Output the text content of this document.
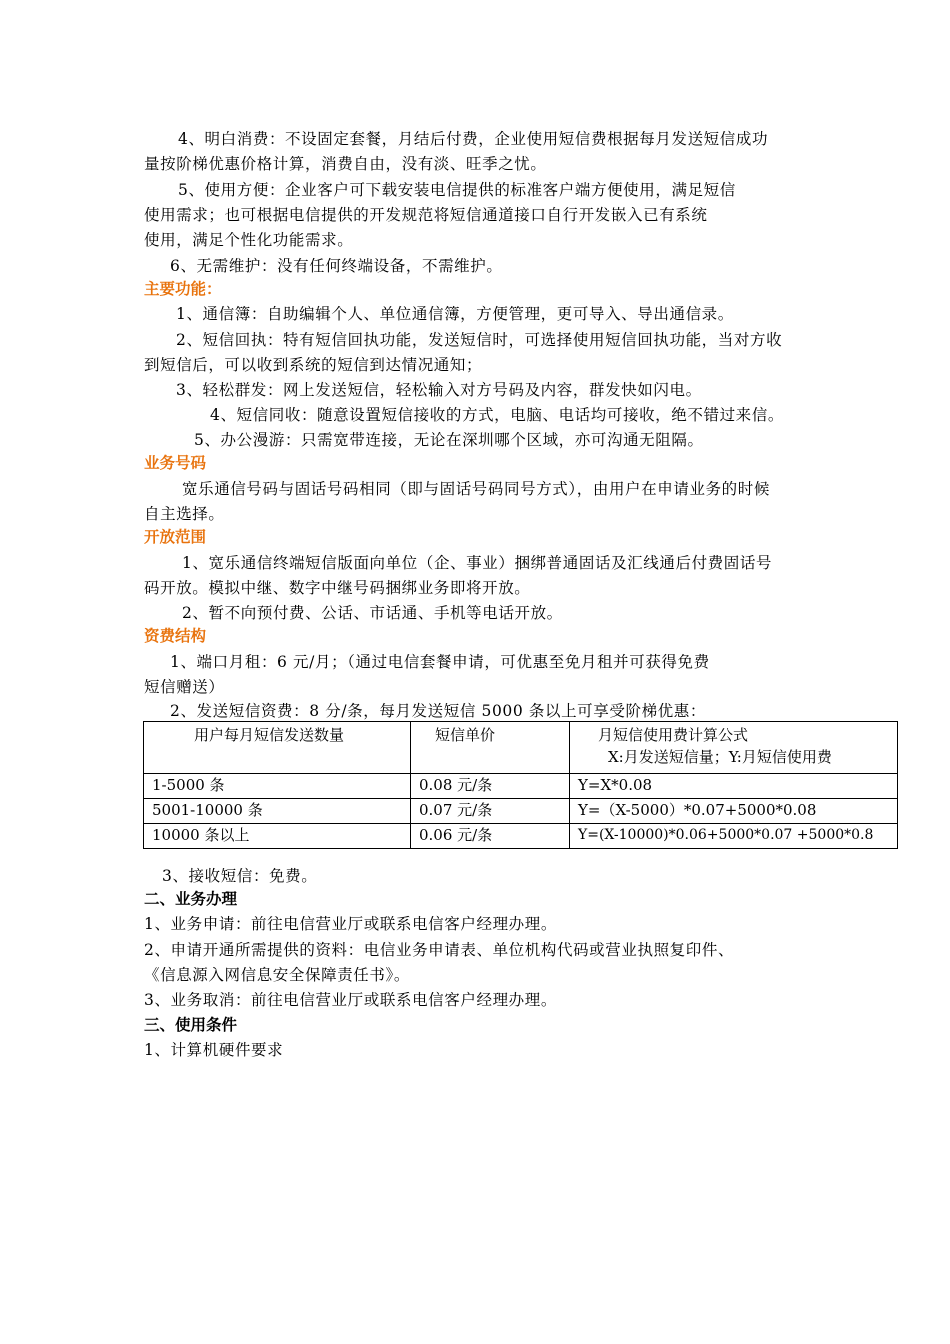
4、明白消费：不设固定套餐，月结后付费，企业使用短信费根据每月发送短信成功
量按阶梯优惠价格计算，消费自由，没有淡、旺季之忧。
5、使用方便：企业客户可下载安装电信提供的标准客户端方便使用，满足短信
使用需求；也可根据电信提供的开发规范将短信通道接口自行开发嵌入已有系统
使用，满足个性化功能需求。
6、无需维护：没有任何终端设备，不需维护。
主要功能：
1、通信簿：自助编辑个人、单位通信簿，方便管理，更可导入、导出通信录。
2、短信回执：特有短信回执功能，发送短信时，可选择使用短信回执功能，当对方收
到短信后，可以收到系统的短信到达情况通知；
3、轻松群发：网上发送短信，轻松输入对方号码及内容，群发快如闪电。
4、短信同收：随意设置短信接收的方式，电脑、电话均可接收，绝不错过来信。
5、办公漫游：只需宽带连接，无论在深圳哪个区域，亦可沟通无阻隔。
业务号码
宽乐通信号码与固话号码相同（即与固话号码同号方式），由用户在申请业务的时候
自主选择。
开放范围
1、宽乐通信终端短信版面向单位（企、事业）捆绑普通固话及汇线通后付费固话号
码开放。模拟中继、数字中继号码捆绑业务即将开放。
2、暂不向预付费、公话、市话通、手机等电话开放。
资费结构
1、端口月租：6 元/月；（通过电信套餐申请，可优惠至免月租并可获得免费
短信赠送）
2、发送短信资费：8 分/条，每月发送短信 5000 条以上可享受阶梯优惠：
用户每月短信发送数量	短信单价	月短信使用费计算公式
X:月发送短信量；Y:月短信使用费

1-5000 条	0.08 元/条	Y=X*0.08
5001-10000 条	0.07 元/条	Y=（X-5000）*0.07+5000*0.08
10000 条以上	0.06 元/条	Y=(X-10000)*0.06+5000*0.07 +5000*0.8
3、接收短信：免费。
二、业务办理
1、业务申请：前往电信营业厅或联系电信客户经理办理。
2、申请开通所需提供的资料：电信业务申请表、单位机构代码或营业执照复印件、
《信息源入网信息安全保障责任书》。
3、业务取消：前往电信营业厅或联系电信客户经理办理。
三、使用条件
1、计算机硬件要求
